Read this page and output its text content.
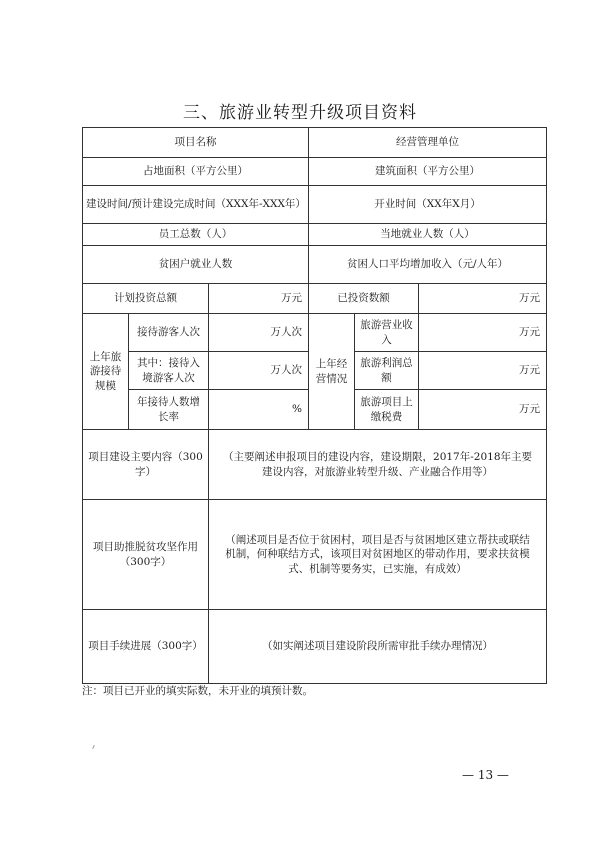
三、旅游业转型升级项目资料
项目名称			经营管理单位		
占地面积（平方公里）			建筑面积（平方公里）		
建设时间/预计建设完成时间（XXX年-XXX年）			开业时间（XX年X月）		
员工总数（人）			当地就业人数（人）		
贫困户就业人数			贫困人口平均增加收入（元/人年）		
计划投资总额		万元	已投资数额		万元
上年旅游接待规模	接待游客人次	万人次	上年经营情况	旅游营业收入	万元
	其中：接待入境游客人次	万人次		旅游利润总额	万元
	年接待人数增长率	%		旅游项目上缴税费	万元
项目建设主要内容（300字）		（主要阐述申报项目的建设内容，建设期限，2017年-2018年主要建设内容，对旅游业转型升级、产业融合作用等）			
项目助推脱贫攻坚作用（300字）		（阐述项目是否位于贫困村，项目是否与贫困地区建立帮扶或联结机制，何种联结方式，该项目对贫困地区的带动作用，要求扶贫模式、机制等要务实，已实施，有成效）			
项目手续进展（300字）		（如实阐述项目建设阶段所需审批手续办理情况）			
注：项目已开业的填实际数，未开业的填预计数。
— 13 —
